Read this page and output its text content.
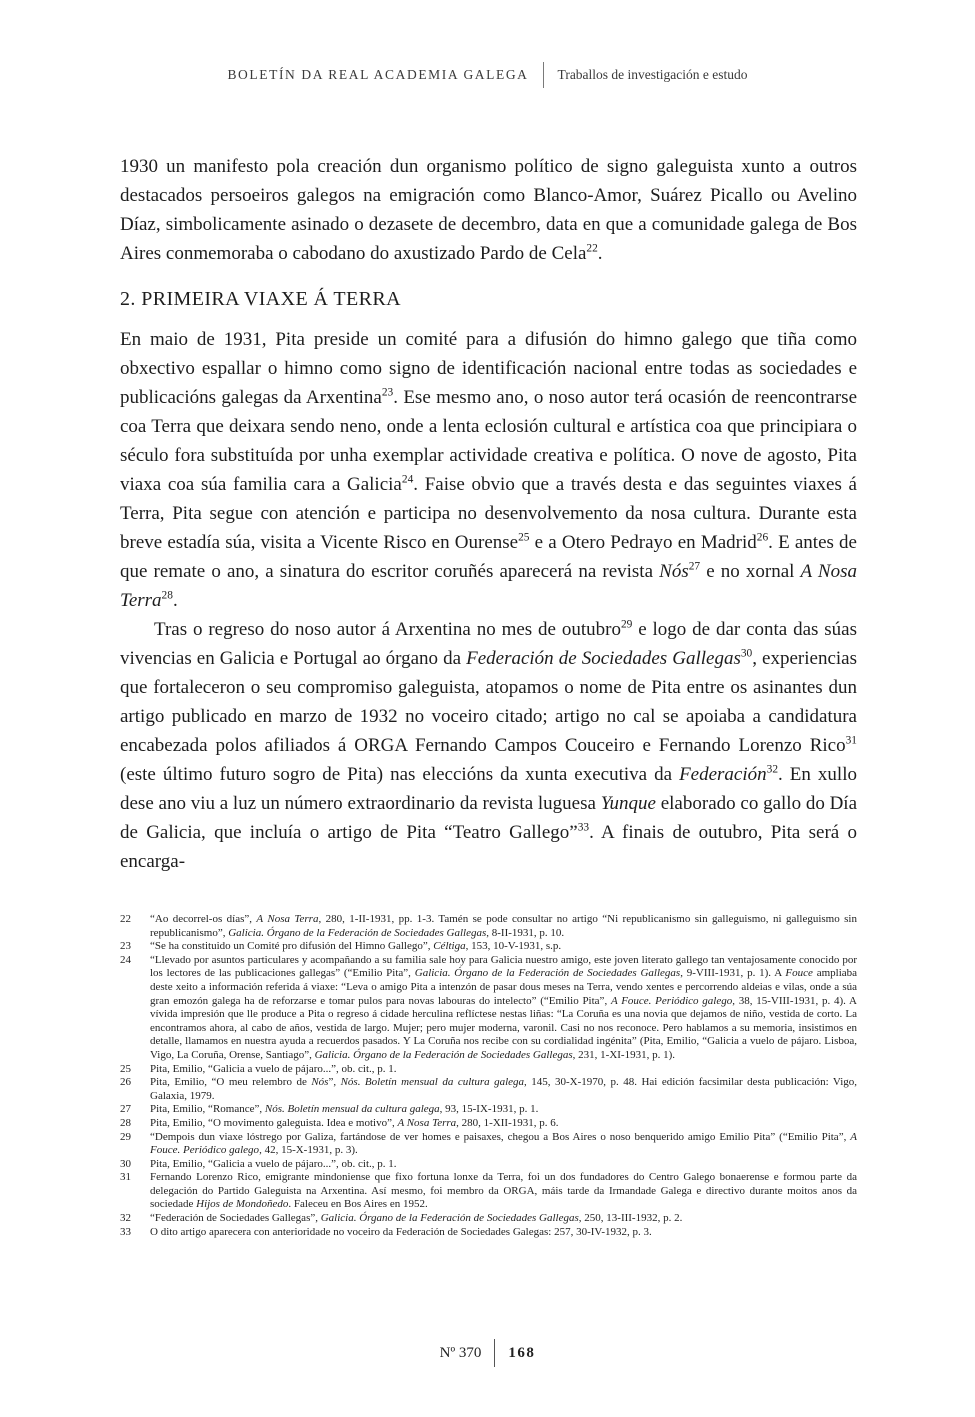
BOLETÍN DA REAL ACADEMIA GALEGA Traballos de investigación e estudo

1930 un manifesto pola creación dun organismo político de signo galeguista xunto a outros destacados persoeiros galegos na emigración como Blanco-Amor, Suárez Picallo ou Avelino Díaz, simbolicamente asinado o dezasete de decembro, data en que a comunidade galega de Bos Aires conmemoraba o cabodano do axustizado Pardo de Cela$^{22}$.

2. PRIMEIRA VIAXE Á TERRA

En maio de 1931, Pita preside un comité para a difusión do himno galego que tiña como obxectivo espallar o himno como signo de identificación nacional entre todas as sociedades e publicacións galegas da Arxentina$^{23}$. Ese mesmo ano, o noso autor terá ocasión de reencontrarse coa Terra que deixara sendo neno, onde a lenta eclosión cultural e artística coa que principiara o século fora substituída por unha exemplar actividade creativa e política. O nove de agosto, Pita viaxa coa súa familia cara a Galicia$^{24}$. Faise obvio que a través desta e das seguintes viaxes á Terra, Pita segue con atención e participa no desenvolvemento da nosa cultura. Durante esta breve estadía súa, visita a Vicente Risco en Ourense$^{25}$ e a Otero Pedrayo en Madrid$^{26}$. E antes de que remate o ano, a sinatura do escritor coruñés aparecerá na revista Nós$^{27}$ e no xornal A Nosa Terra$^{28}$.

Tras o regreso do noso autor á Arxentina no mes de outubro$^{29}$ e logo de dar conta das súas vivencias en Galicia e Portugal ao órgano da Federación de Sociedades Gallegas$^{30}$, experiencias que fortaleceron o seu compromiso galeguista, atopamos o nome de Pita entre os asinantes dun artigo publicado en marzo de 1932 no voceiro citado; artigo no cal se apoiaba a candidatura encabezada polos afiliados á ORGA Fernando Campos Couceiro e Fernando Lorenzo Rico$^{31}$ (este último futuro sogro de Pita) nas eleccións da xunta executiva da Federación$^{32}$. En xullo dese ano viu a luz un número extraordinario da revista luguesa Yunque elaborado co gallo do Día de Galicia, que incluía o artigo de Pita “Teatro Gallego”$^{33}$. A finais de outubro, Pita será o encarga-

22	“Ao decorrel-os días”, A Nosa Terra, 280, 1-II-1931, pp. 1-3. Tamén se pode consultar no artigo “Ni republicanismo sin galleguismo, ni galleguismo sin republicanismo”, Galicia. Órgano de la Federación de Sociedades Gallegas, 8-II-1931, p. 10.
23	“Se ha constituido un Comité pro difusión del Himno Gallego”, Céltiga, 153, 10-V-1931, s.p.
24	“Llevado por asuntos particulares y acompañando a su familia sale hoy para Galicia nuestro amigo, este joven literato gallego tan ventajosamente conocido por los lectores de las publicaciones gallegas” (“Emilio Pita”, Galicia. Órgano de la Federación de Sociedades Gallegas, 9-VIII-1931, p. 1). A Fouce ampliaba deste xeito a información referida á viaxe: “Leva o amigo Pita a intenzón de pasar dous meses na Terra, vendo xentes e percorrendo aldeias e vilas, onde a súa gran emozón galega ha de reforzarse e tomar pulos para novas labouras do intelecto” (“Emilio Pita”, A Fouce. Periódico galego, 38, 15-VIII-1931, p. 4). A vívida impresión que lle produce a Pita o regreso á cidade herculina reflíctese nestas liñas: “La Coruña es una novia que dejamos de niño, vestida de corto. La encontramos ahora, al cabo de años, vestida de largo. Mujer; pero mujer moderna, varonil. Casi no nos reconoce. Pero hablamos a su memoria, insistimos en detalle, llamamos en nuestra ayuda a recuerdos pasados. Y La Coruña nos recibe con su cordialidad ingénita” (Pita, Emilio, “Galicia a vuelo de pájaro. Lisboa, Vigo, La Coruña, Orense, Santiago”, Galicia. Órgano de la Federación de Sociedades Gallegas, 231, 1-XI-1931, p. 1).
25	Pita, Emilio, “Galicia a vuelo de pájaro...”, ob. cit., p. 1.
26	Pita, Emilio, “O meu relembro de Nós”, Nós. Boletín mensual da cultura galega, 145, 30-X-1970, p. 48. Hai edición facsimilar desta publicación: Vigo, Galaxia, 1979.
27	Pita, Emilio, “Romance”, Nós. Boletín mensual da cultura galega, 93, 15-IX-1931, p. 1.
28	Pita, Emilio, “O movimento galeguista. Idea e motivo”, A Nosa Terra, 280, 1-XII-1931, p. 6.
29	“Dempois dun viaxe lóstrego por Galiza, fartándose de ver homes e paisaxes, chegou a Bos Aires o noso benquerido amigo Emilio Pita” (“Emilio Pita”, A Fouce. Periódico galego, 42, 15-X-1931, p. 3).
30	Pita, Emilio, “Galicia a vuelo de pájaro...”, ob. cit., p. 1.
31	Fernando Lorenzo Rico, emigrante mindoniense que fixo fortuna lonxe da Terra, foi un dos fundadores do Centro Galego bonaerense e formou parte da delegación do Partido Galeguista na Arxentina. Así mesmo, foi membro da ORGA, máis tarde da Irmandade Galega e directivo durante moitos anos da sociedade Hijos de Mondoñedo. Faleceu en Bos Aires en 1952.
32	“Federación de Sociedades Gallegas”, Galicia. Órgano de la Federación de Sociedades Gallegas, 250, 13-III-1932, p. 2.
33	O dito artigo aparecera con anterioridade no voceiro da Federación de Sociedades Galegas: 257, 30-IV-1932, p. 3.
Nº 370 168
